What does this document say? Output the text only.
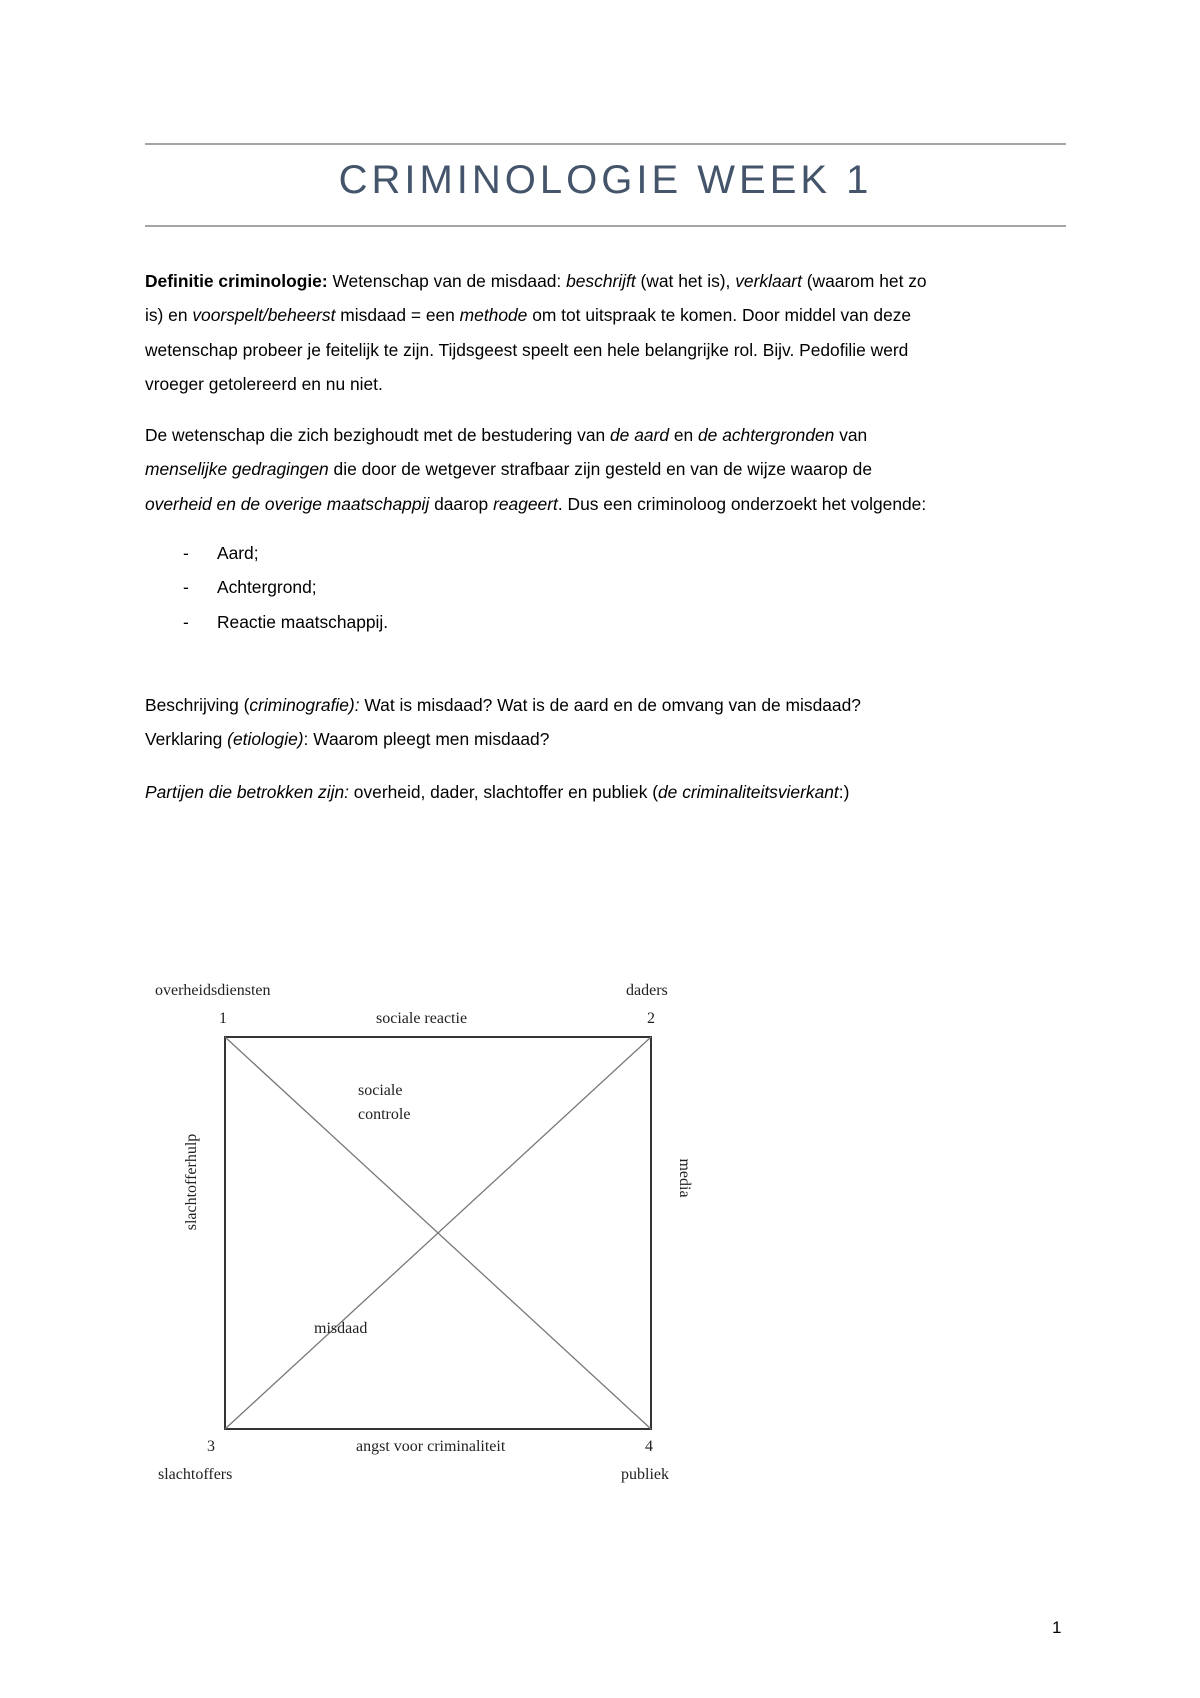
CRIMINOLOGIE WEEK 1
Definitie criminologie: Wetenschap van de misdaad: beschrijft (wat het is), verklaart (waarom het zo
is) en voorspelt/beheerst misdaad = een methode om tot uitspraak te komen. Door middel van deze
wetenschap probeer je feitelijk te zijn. Tijdsgeest speelt een hele belangrijke rol. Bijv. Pedofilie werd
vroeger getolereerd en nu niet.
De wetenschap die zich bezighoudt met de bestudering van de aard en de achtergronden van
menselijke gedragingen die door de wetgever strafbaar zijn gesteld en van de wijze waarop de
overheid en de overige maatschappij daarop reageert. Dus een criminoloog onderzoekt het volgende:
Beschrijving (criminografie): Wat is misdaad? Wat is de aard en de omvang van de misdaad?
Verklaring (etiologie): Waarom pleegt men misdaad?
Partijen die betrokken zijn: overheid, dader, slachtoffer en publiek (de criminaliteitsvierkant:)
- Aard;
- Achtergrond;
- Reactie maatschappij.
overheidsdiensten	daders
1	sociale reactie	2
sociale
controle
slachtofferhulp	media
misdaad
3	angst voor criminaliteit	4
slachtoffers	publiek
1
